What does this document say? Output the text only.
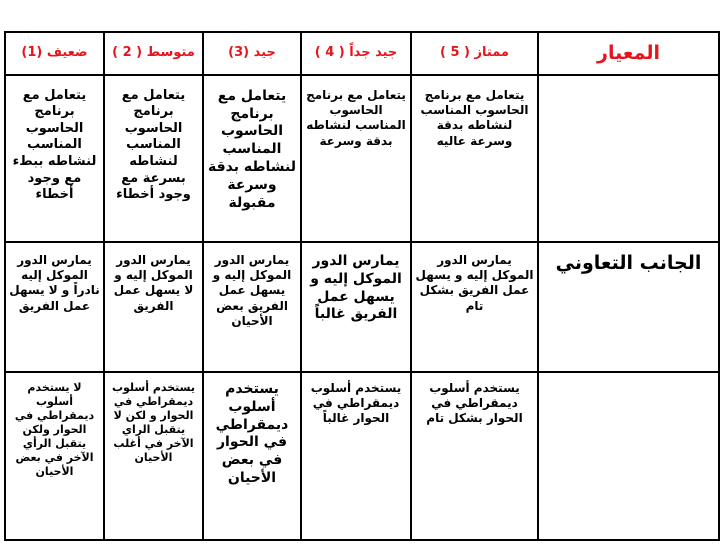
المعيار	ممتاز ( 5 )	جيد جداً ( 4 )	جيد (3)	متوسط ( 2 )	ضعيف (1)
	يتعامل مع برنامج الحاسوب المناسب لنشاطه بدقة وسرعة عاليه	يتعامل مع برنامج الحاسوب المناسب لنشاطه بدقة وسرعة	يتعامل مع برنامج الحاسوب المناسب لنشاطه بدقة وسرعة مقبولة	يتعامل مع برنامج الحاسوب المناسب لنشاطه بسرعة مع وجود أخطاء	يتعامل مع برنامج الحاسوب المناسب لنشاطه ببطء مع وجود أخطاء
الجانب التعاوني	يمارس الدور الموكل إليه و يسهل عمل الفريق بشكل تام	يمارس الدور الموكل إليه و يسهل عمل الفريق غالباً	يمارس الدور الموكل إليه و يسهل عمل الفريق بعض الأحيان	يمارس الدور الموكل إليه و لا يسهل عمل الفريق	يمارس الدور الموكل إليه نادراً و لا يسهل عمل الفريق
	يستخدم أسلوب ديمقراطي في الحوار بشكل تام	يستخدم أسلوب ديمقراطي في الحوار غالباً	يستخدم أسلوب ديمقراطي في الحوار في بعض الأحيان	يستخدم أسلوب ديمقراطي في الحوار و لكن لا يتقبل الراي الآخر في أغلب الأحيان	لا يستخدم أسلوب ديمقراطي في الحوار ولكن يتقبل الرأي الآخر في بعض الأحيان
